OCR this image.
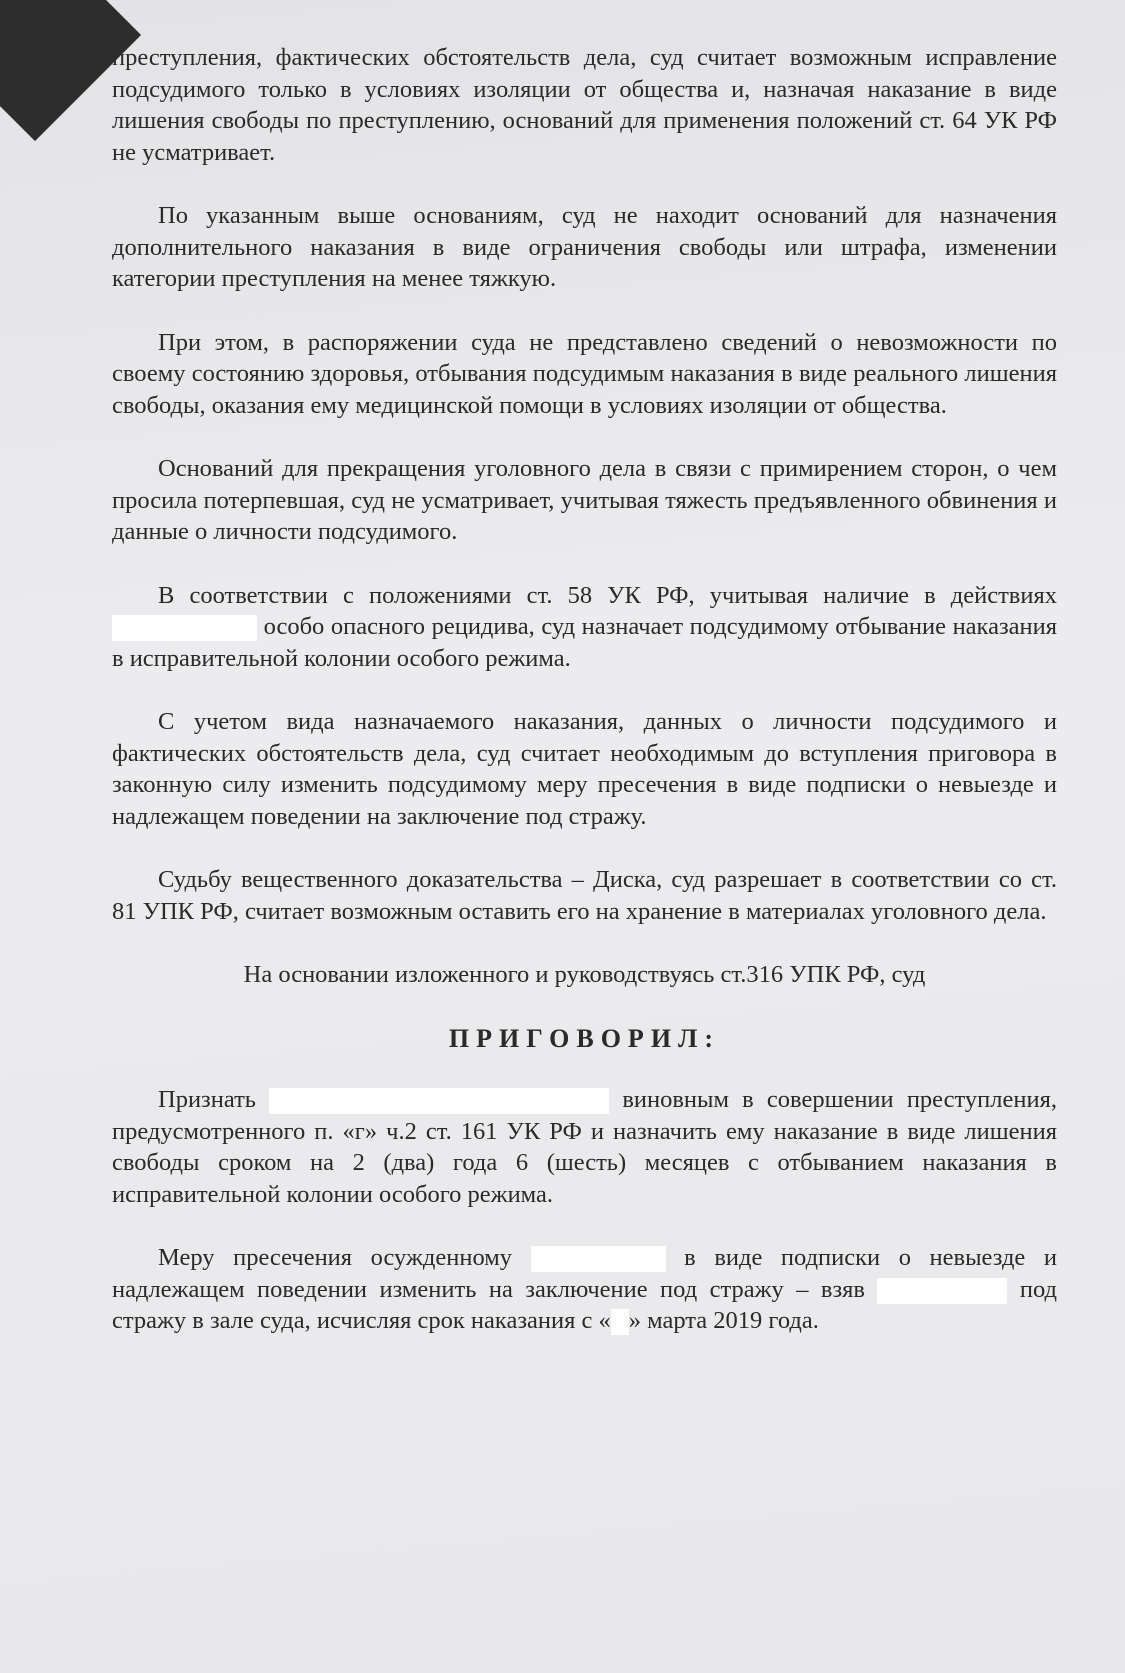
преступления, фактических обстоятельств дела, суд считает возможным исправление подсудимого только в условиях изоляции от общества и, назначая наказание в виде лишения свободы по преступлению, оснований для применения положений ст. 64 УК РФ не усматривает.

По указанным выше основаниям, суд не находит оснований для назначения дополнительного наказания в виде ограничения свободы или штрафа, изменении категории преступления на менее тяжкую.

При этом, в распоряжении суда не представлено сведений о невозможности по своему состоянию здоровья, отбывания подсудимым наказания в виде реального лишения свободы, оказания ему медицинской помощи в условиях изоляции от общества.

Оснований для прекращения уголовного дела в связи с примирением сторон, о чем просила потерпевшая, суд не усматривает, учитывая тяжесть предъявленного обвинения и данные о личности подсудимого.

В соответствии с положениями ст. 58 УК РФ, учитывая наличие в действиях  особо опасного рецидива, суд назначает подсудимому отбывание наказания в исправительной колонии особого режима.

С учетом вида назначаемого наказания, данных о личности подсудимого и фактических обстоятельств дела, суд считает необходимым до вступления приговора в законную силу изменить подсудимому меру пресечения в виде подписки о невыезде и надлежащем поведении на заключение под стражу.

Судьбу вещественного доказательства – Диска, суд разрешает в соответствии со ст. 81 УПК РФ, считает возможным оставить его на хранение в материалах уголовного дела.

На основании изложенного и руководствуясь ст.316 УПК РФ, суд

ПРИГОВОРИЛ:

Признать	виновным в совершении преступления, предусмотренного п. «г» ч.2 ст. 161 УК РФ и назначить ему наказание в виде лишения свободы сроком на 2 (два) года 6 (шесть) месяцев с отбыванием наказания в исправительной колонии особого режима.

Меру пресечения осужденному	в виде подписки о невыезде и надлежащем поведении изменить на заключение под стражу – взяв	под стражу в зале суда, исчисляя срок наказания с « » марта 2019 года.
